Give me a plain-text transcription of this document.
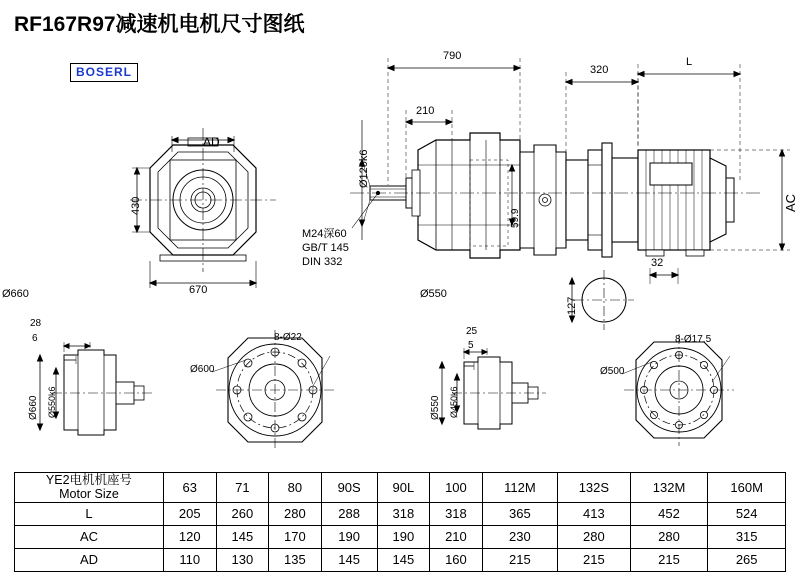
RF167R97减速机电机尺寸图纸
BOSERL
790
210
320
L
Ø120k6
59.9
AC
AD
430
670
M24深60
GB/T 145
DIN 332	32
127
Ø660	Ø550
Ø660 Ø550k6
28
6
Ø600
8-Ø22
Ø550 Ø450k6
25
5
Ø500
8-Ø17.5
YE2电机机座号
Motor Size	63	71	80	90S	90L	100	112M	132S	132M	160M
L	205	260	280	288	318	318	365	413	452	524
AC	120	145	170	190	190	210	230	280	280	315
AD	110	130	135	145	145	160	215	215	215	265
